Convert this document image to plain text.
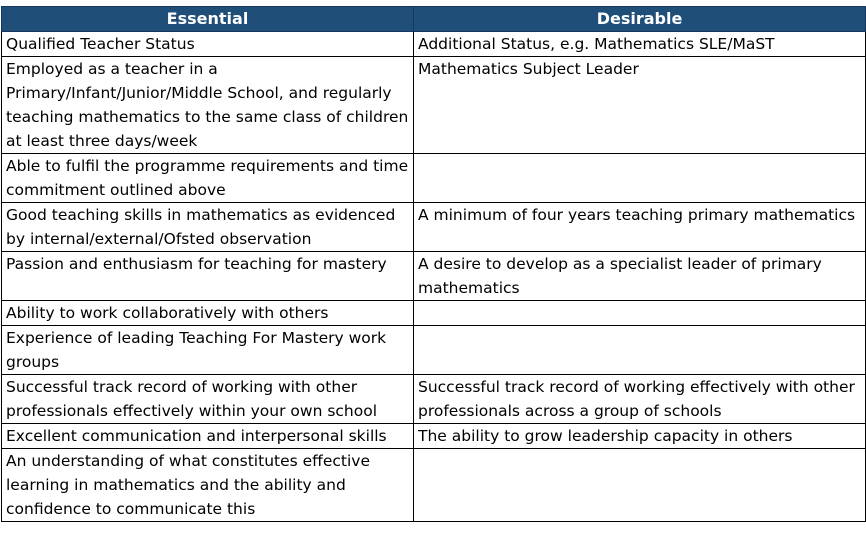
Essential	Desirable
Qualified Teacher Status	Additional Status, e.g. Mathematics SLE/MaST
Employed as a teacher in a Primary/Infant/Junior/Middle School, and regularly teaching mathematics to the same class of children at least three days/week	Mathematics Subject Leader
Able to fulfil the programme requirements and time commitment outlined above	
Good teaching skills in mathematics as evidenced by internal/external/Ofsted observation	A minimum of four years teaching primary mathematics
Passion and enthusiasm for teaching for mastery	A desire to develop as a specialist leader of primary mathematics
Ability to work collaboratively with others	
Experience of leading Teaching For Mastery work groups	
Successful track record of working with other professionals effectively within your own school	Successful track record of working effectively with other professionals across a group of schools
Excellent communication and interpersonal skills	The ability to grow leadership capacity in others
An understanding of what constitutes effective learning in mathematics and the ability and confidence to communicate this	
